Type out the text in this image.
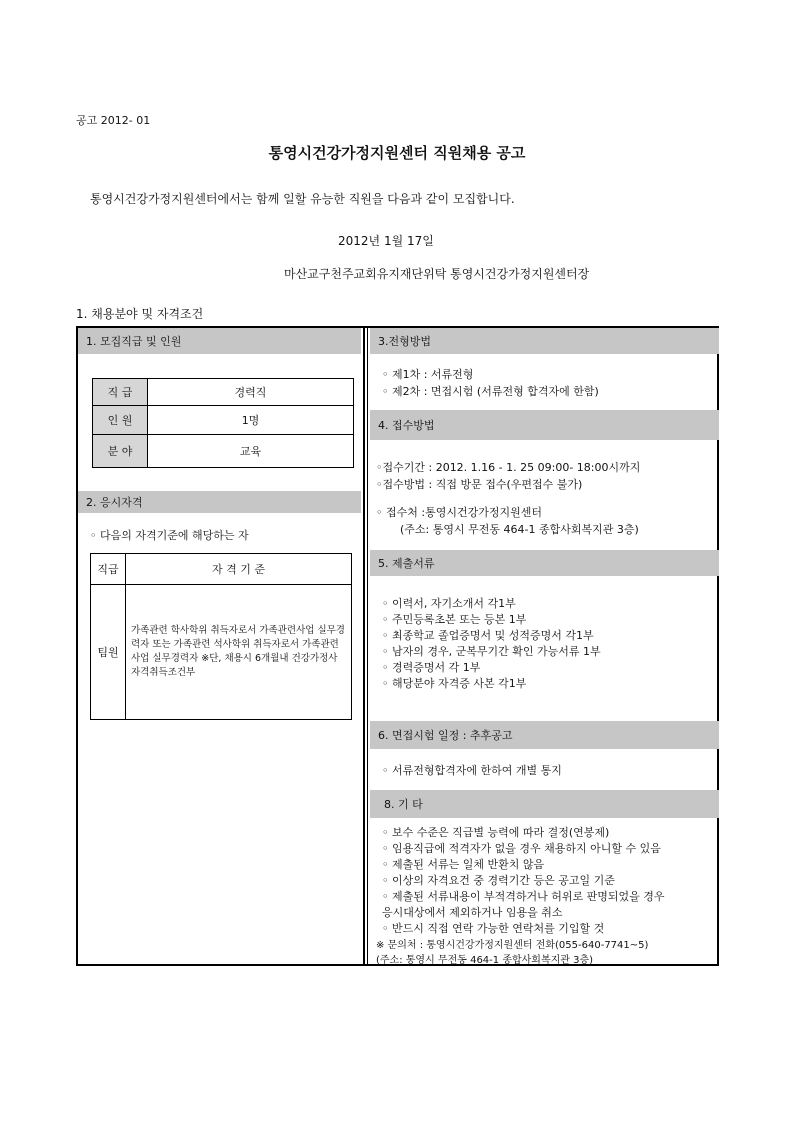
공고 2012- 01
통영시건강가정지원센터 직원채용 공고
통영시건강가정지원센터에서는 함께 일할 유능한 직원을 다음과 같이 모집합니다.
2012년 1월 17일
마산교구천주교회유지재단위탁 통영시건강가정지원센터장
1. 채용분야 및 자격조건
1. 모집직급 및 인원
직 급	경력직
인 원	1명
분 야	교육
2. 응시자격
◦ 다음의 자격기준에 해당하는 자
직급	자 격 기 준
팀원	가족관련 학사학위 취득자로서 가족관련사업 실무경력자 또는 가족관련 석사학위 취득자로서 가족관련사업 실무경력자 ※단, 채용시 6개월내 건강가정사 자격취득조건부
3.전형방법
◦ 제1차 : 서류전형
◦ 제2차 : 면접시험 (서류전형 합격자에 한함)
4. 접수방법
◦접수기간 : 2012. 1.16 - 1. 25 09:00- 18:00시까지
◦접수방법 : 직접 방문 접수(우편접수 불가)
◦ 접수처 :통영시건강가정지원센터
(주소: 통영시 무전동 464-1 종합사회복지관 3층)
5. 제출서류
◦ 이력서, 자기소개서 각1부
◦ 주민등록초본 또는 등본 1부
◦ 최종학교 졸업증명서 및 성적증명서 각1부
◦ 남자의 경우, 군복무기간 확인 가능서류 1부
◦ 경력증명서 각 1부
◦ 해당분야 자격증 사본 각1부
6. 면접시험 일정 : 추후공고
◦ 서류전형합격자에 한하여 개별 통지
8. 기 타
◦ 보수 수준은 직급별 능력에 따라 결정(연봉제)
◦ 임용직급에 적격자가 없을 경우 채용하지 아니할 수 있음
◦ 제출된 서류는 일체 반환치 않음
◦ 이상의 자격요건 중 경력기간 등은 공고일 기준
◦ 제출된 서류내용이 부적격하거나 허위로 판명되었을 경우
응시대상에서 제외하거나 임용을 취소
◦ 반드시 직접 연락 가능한 연락처를 기입할 것
※ 문의처 : 통영시건강가정지원센터 전화(055-640-7741~5)
(주소: 통영시 무전동 464-1 종합사회복지관 3층)
